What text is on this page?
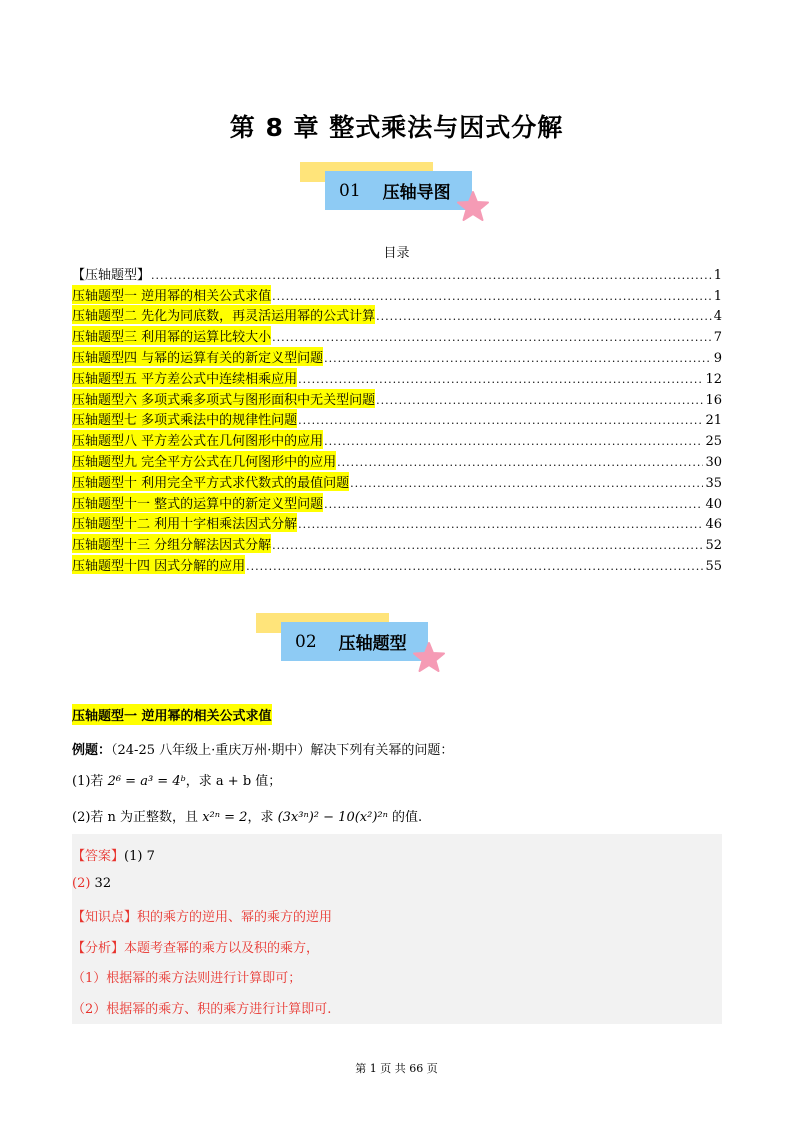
第 8 章 整式乘法与因式分解
01 压轴导图
目录
【压轴题型】 .....	1
压轴题型一 逆用幂的相关公式求值 .....	1
压轴题型二 先化为同底数，再灵活运用幂的公式计算 .....	4
压轴题型三 利用幂的运算比较大小 .....	7
压轴题型四 与幂的运算有关的新定义型问题 .....	9
压轴题型五 平方差公式中连续相乘应用 .....	12
压轴题型六 多项式乘多项式与图形面积中无关型问题 .....	16
压轴题型七 多项式乘法中的规律性问题 .....	21
压轴题型八 平方差公式在几何图形中的应用 .....	25
压轴题型九 完全平方公式在几何图形中的应用 .....	30
压轴题型十 利用完全平方式求代数式的最值问题 .....	35
压轴题型十一 整式的运算中的新定义型问题 .....	40
压轴题型十二 利用十字相乘法因式分解 .....	46
压轴题型十三 分组分解法因式分解 .....	52
压轴题型十四 因式分解的应用 .....	55
02 压轴题型
压轴题型一 逆用幂的相关公式求值
例题：（24-25 八年级上·重庆万州·期中）解决下列有关幂的问题：
(1)若 2⁶ = a³ = 4ᵇ，求 a + b 值；
(2)若 n 为正整数，且 x²ⁿ = 2，求 (3x³ⁿ)² − 10(x²)²ⁿ 的值.
【答案】(1) 7
(2) 32
【知识点】积的乘方的逆用、幂的乘方的逆用
【分析】本题考查幂的乘方以及积的乘方，
（1）根据幂的乘方法则进行计算即可；
（2）根据幂的乘方、积的乘方进行计算即可.
第 1 页 共 66 页
